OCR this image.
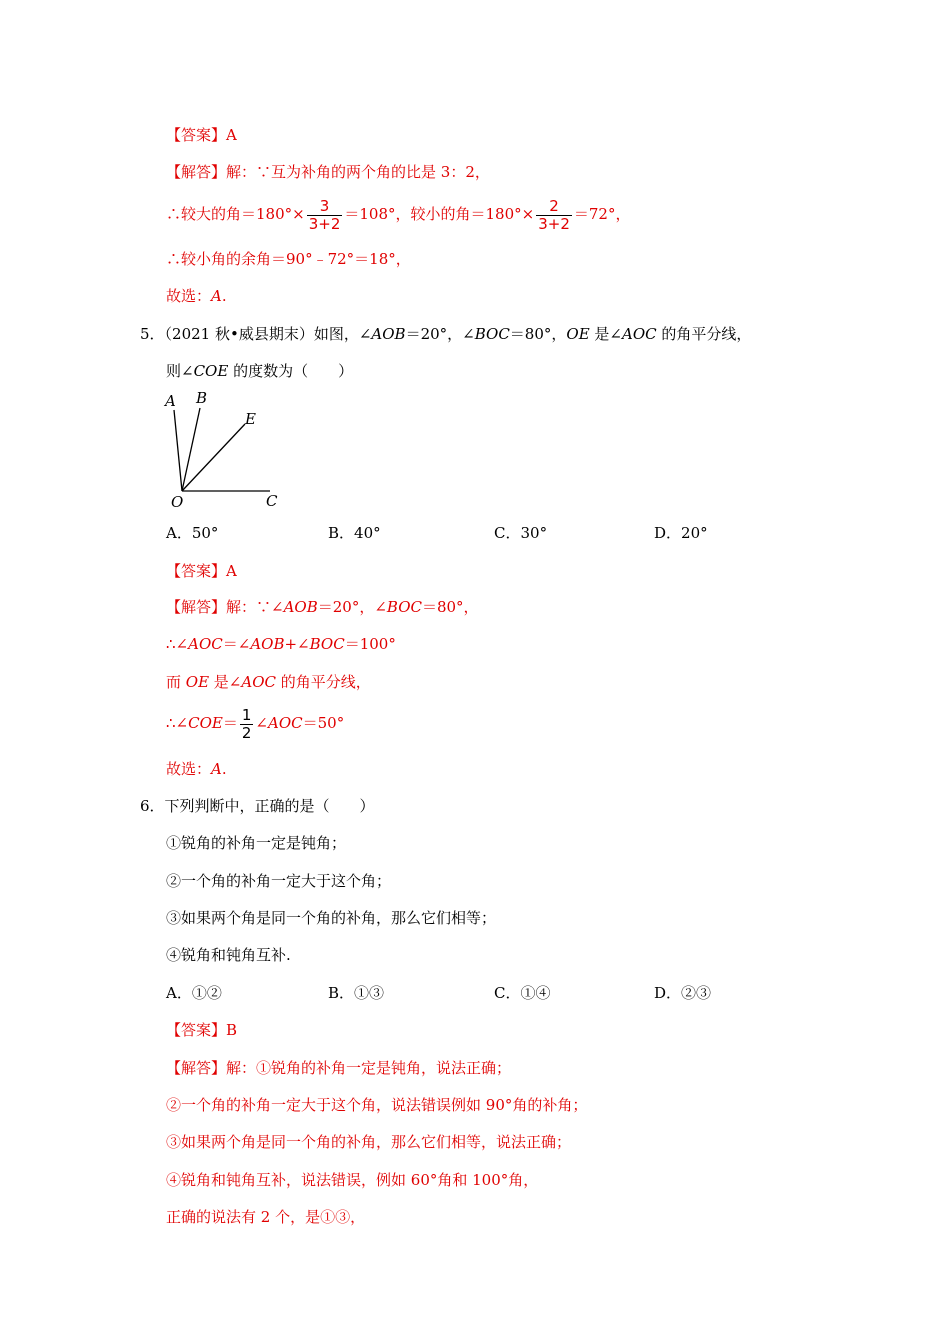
【答案】A
【解答】解：∵互为补角的两个角的比是 3：2，
∴较大的角$=180^\circ\times \frac{3}{3+2} =108^\circ$，较小的角$=180^\circ\times \frac{2}{3+2} =72^\circ$，
∴较小角的余角＝90°﹣72°＝18°，
故选：A.
5．（2021 秋•威县期末）如图，∠AOB＝20°，∠BOC＝80°，OE 是∠AOC 的角平分线，
则∠COE 的度数为（　　）
A B
E
O	C
A．50°	B．40°	C．30°	D．20°
【答案】A
【解答】解：∵∠AOB＝20°，∠BOC＝80°，
∴∠AOC＝∠AOB+∠BOC＝100°
而 OE 是∠AOC 的角平分线，
∴∠COE＝ $\frac{1}{2}$ ∠AOC＝50°
故选：A.
6．下列判断中，正确的是（　　）
①锐角的补角一定是钝角；
②一个角的补角一定大于这个角；
③如果两个角是同一个角的补角，那么它们相等；
④锐角和钝角互补.
A．①②	B．①③	C．①④	D．②③
【答案】B
【解答】解：①锐角的补角一定是钝角，说法正确；
②一个角的补角一定大于这个角，说法错误例如 90°角的补角；
③如果两个角是同一个角的补角，那么它们相等，说法正确；
④锐角和钝角互补，说法错误，例如 60°角和 100°角，
正确的说法有 2 个，是①③，
